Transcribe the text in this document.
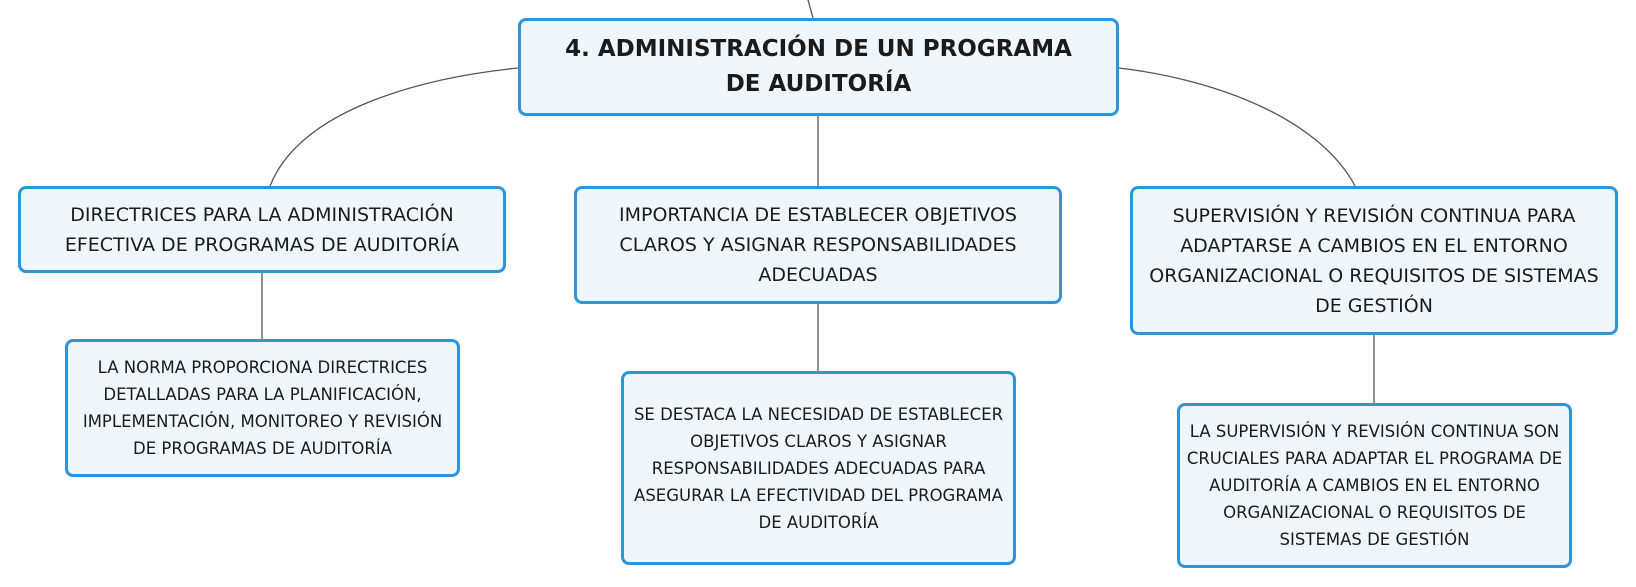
4. ADMINISTRACIÓN DE UN PROGRAMA DE AUDITORÍA
DIRECTRICES PARA LA ADMINISTRACIÓN EFECTIVA DE PROGRAMAS DE AUDITORÍA
IMPORTANCIA DE ESTABLECER OBJETIVOS CLAROS Y ASIGNAR RESPONSABILIDADES ADECUADAS
SUPERVISIÓN Y REVISIÓN CONTINUA PARA ADAPTARSE A CAMBIOS EN EL ENTORNO ORGANIZACIONAL O REQUISITOS DE SISTEMAS DE GESTIÓN
LA NORMA PROPORCIONA DIRECTRICES DETALLADAS PARA LA PLANIFICACIÓN, IMPLEMENTACIÓN, MONITOREO Y REVISIÓN DE PROGRAMAS DE AUDITORÍA
SE DESTACA LA NECESIDAD DE ESTABLECER OBJETIVOS CLAROS Y ASIGNAR RESPONSABILIDADES ADECUADAS PARA ASEGURAR LA EFECTIVIDAD DEL PROGRAMA DE AUDITORÍA
LA SUPERVISIÓN Y REVISIÓN CONTINUA SON CRUCIALES PARA ADAPTAR EL PROGRAMA DE AUDITORÍA A CAMBIOS EN EL ENTORNO ORGANIZACIONAL O REQUISITOS DE SISTEMAS DE GESTIÓN
